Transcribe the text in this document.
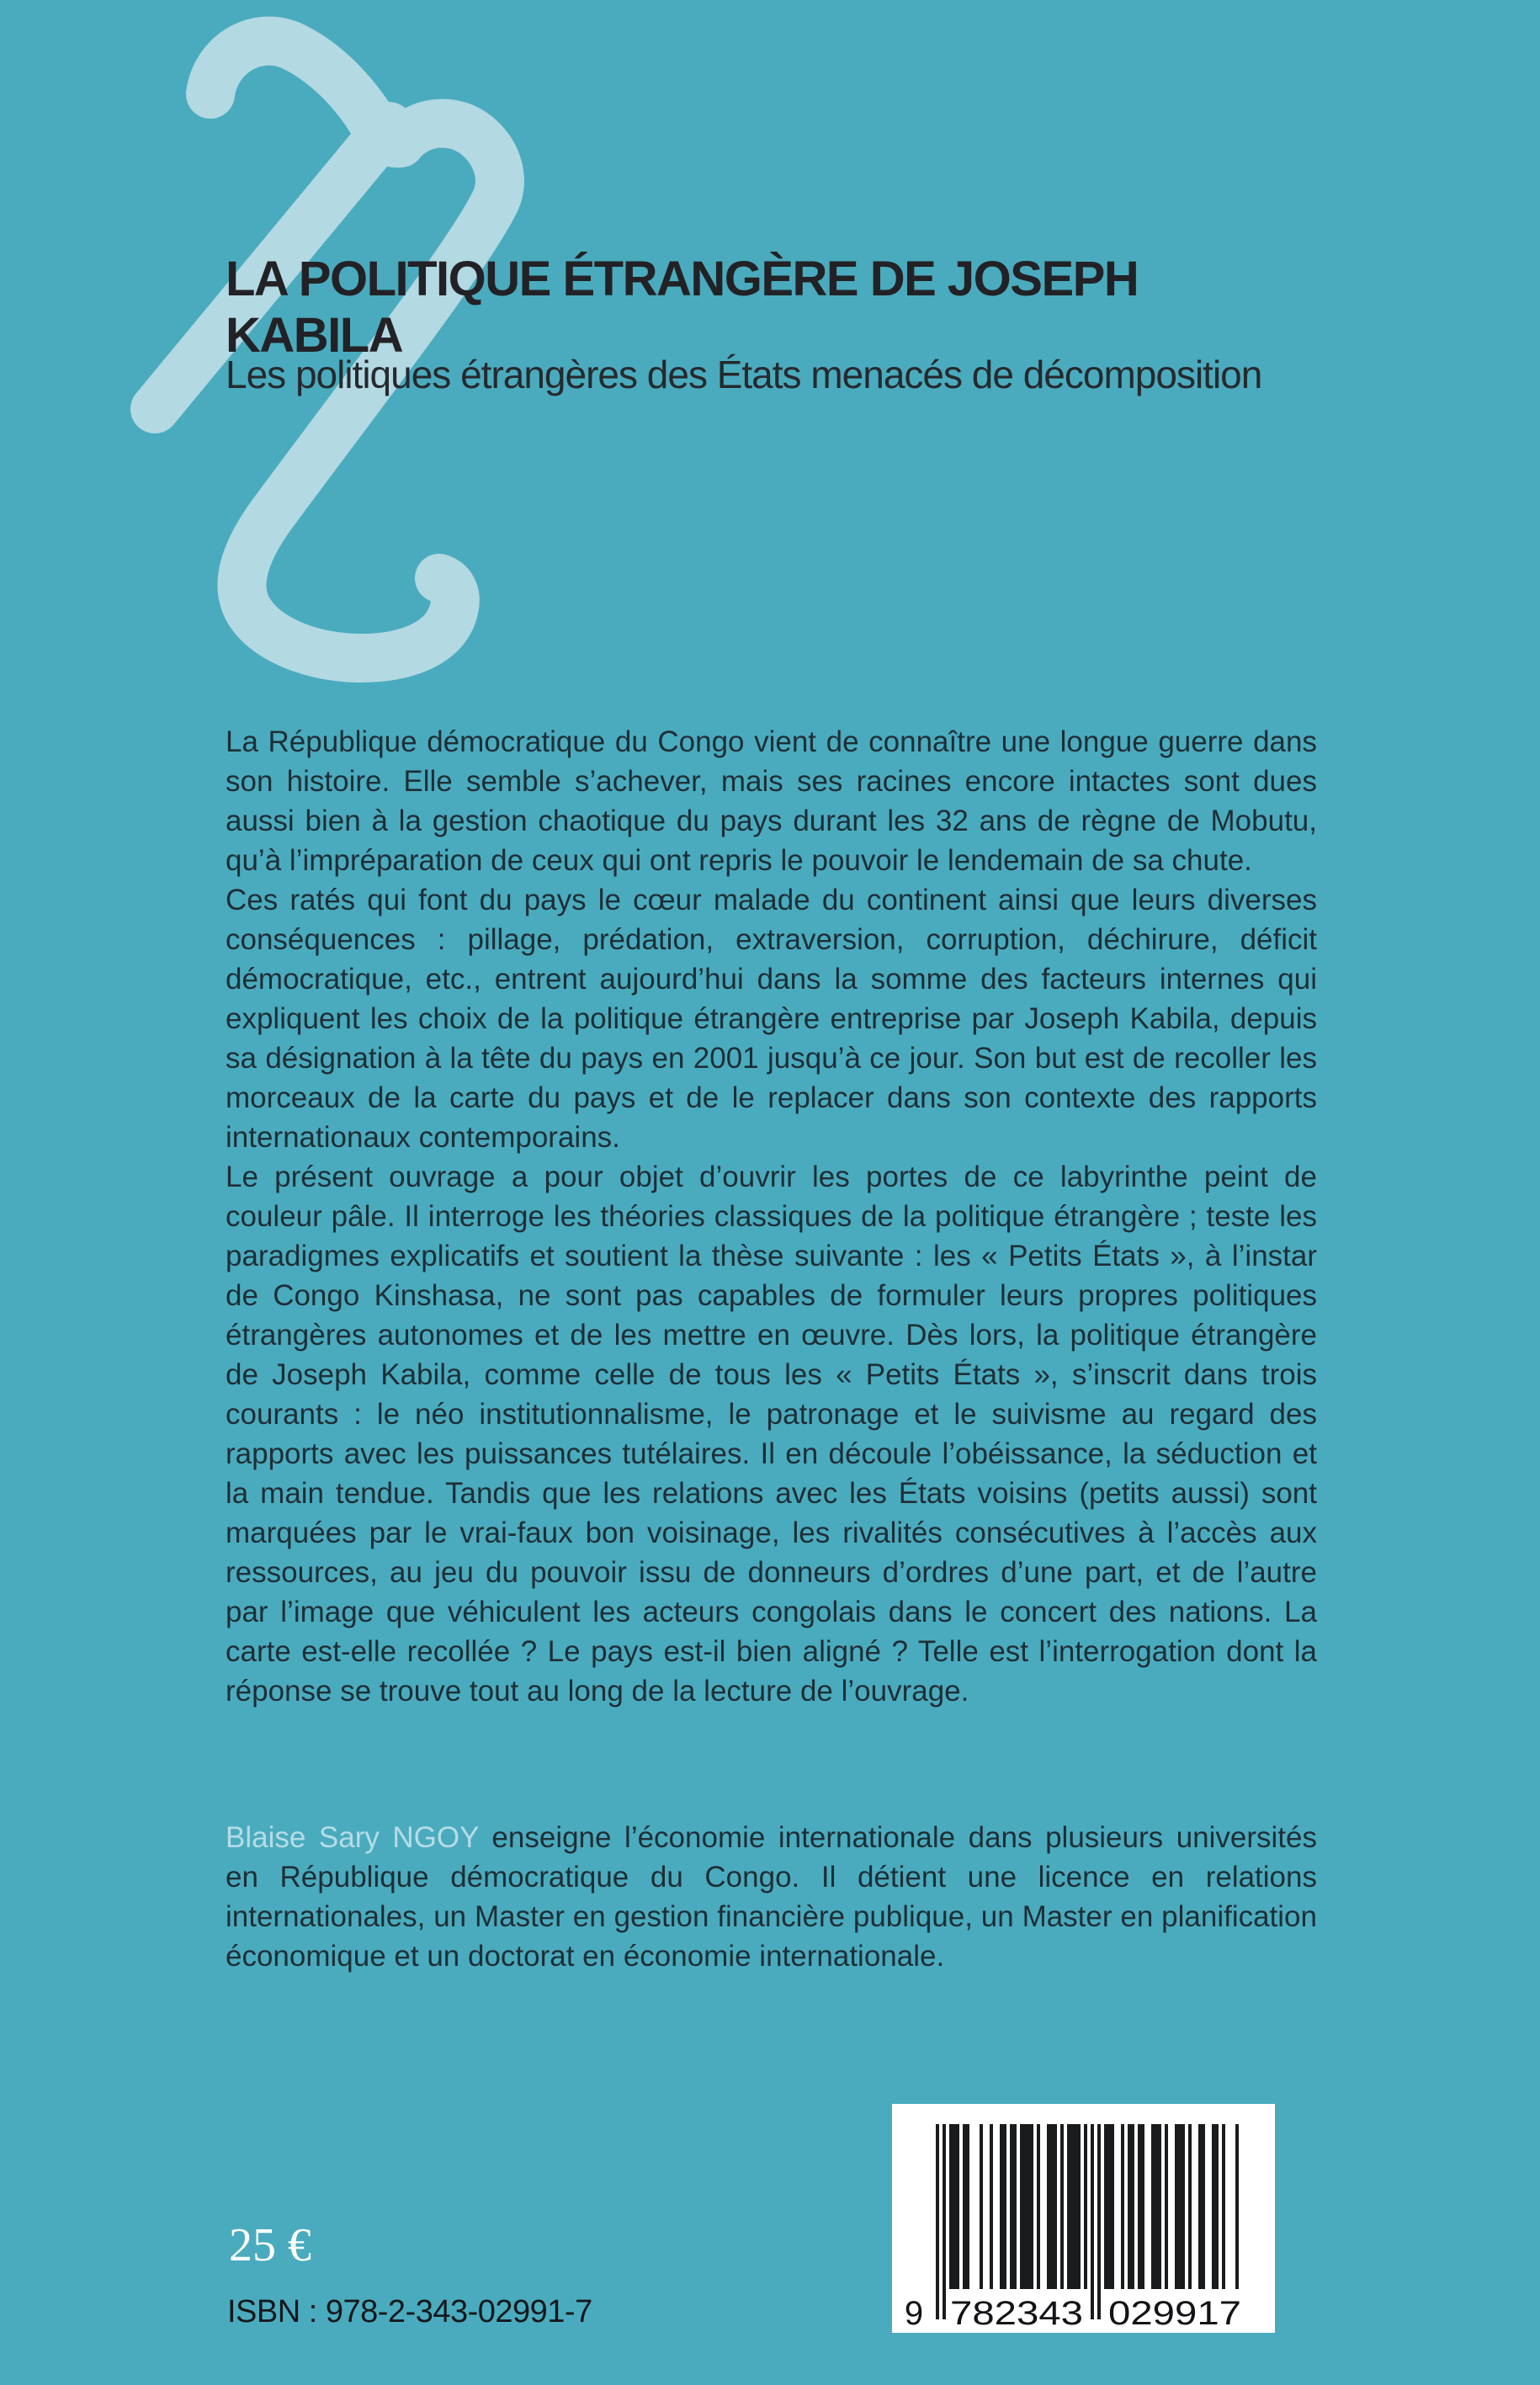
LA POLITIQUE ÉTRANGÈRE DE JOSEPH KABILA
Les politiques étrangères des États menacés de décomposition

La République démocratique du Congo vient de connaître une longue guerre dans son histoire. Elle semble s’achever, mais ses racines encore intactes sont dues aussi bien à la gestion chaotique du pays durant les 32 ans de règne de Mobutu, qu’à l’impréparation de ceux qui ont repris le pouvoir le lendemain de sa chute.

Ces ratés qui font du pays le cœur malade du continent ainsi que leurs diverses conséquences : pillage, prédation, extraversion, corruption, déchirure, déficit démocratique, etc., entrent aujourd’hui dans la somme des facteurs internes qui expliquent les choix de la politique étrangère entreprise par Joseph Kabila, depuis sa désignation à la tête du pays en 2001 jusqu’à ce jour. Son but est de recoller les morceaux de la carte du pays et de le replacer dans son contexte des rapports internationaux contemporains.

Le présent ouvrage a pour objet d’ouvrir les portes de ce labyrinthe peint de couleur pâle. Il interroge les théories classiques de la politique étrangère ; teste les paradigmes explicatifs et soutient la thèse suivante : les « Petits États », à l’instar de Congo Kinshasa, ne sont pas capables de formuler leurs propres politiques étrangères autonomes et de les mettre en œuvre. Dès lors, la politique étrangère de Joseph Kabila, comme celle de tous les « Petits États », s’inscrit dans trois courants : le néo institutionnalisme, le patronage et le suivisme au regard des rapports avec les puissances tutélaires. Il en découle l’obéissance, la séduction et la main tendue. Tandis que les relations avec les États voisins (petits aussi) sont marquées par le vrai-faux bon voisinage, les rivalités consécutives à l’accès aux ressources, au jeu du pouvoir issu de donneurs d’ordres d’une part, et de l’autre par l’image que véhiculent les acteurs congolais dans le concert des nations. La carte est-elle recollée ? Le pays est-il bien aligné ? Telle est l’interrogation dont la réponse se trouve tout au long de la lecture de l’ouvrage.

Blaise Sary NGOY enseigne l’économie internationale dans plusieurs universités en République démocratique du Congo. Il détient une licence en relations internationales, un Master en gestion financière publique, un Master en planification économique et un doctorat en économie internationale.

25 €
ISBN : 978-2-343-02991-7	9 782343 029917
